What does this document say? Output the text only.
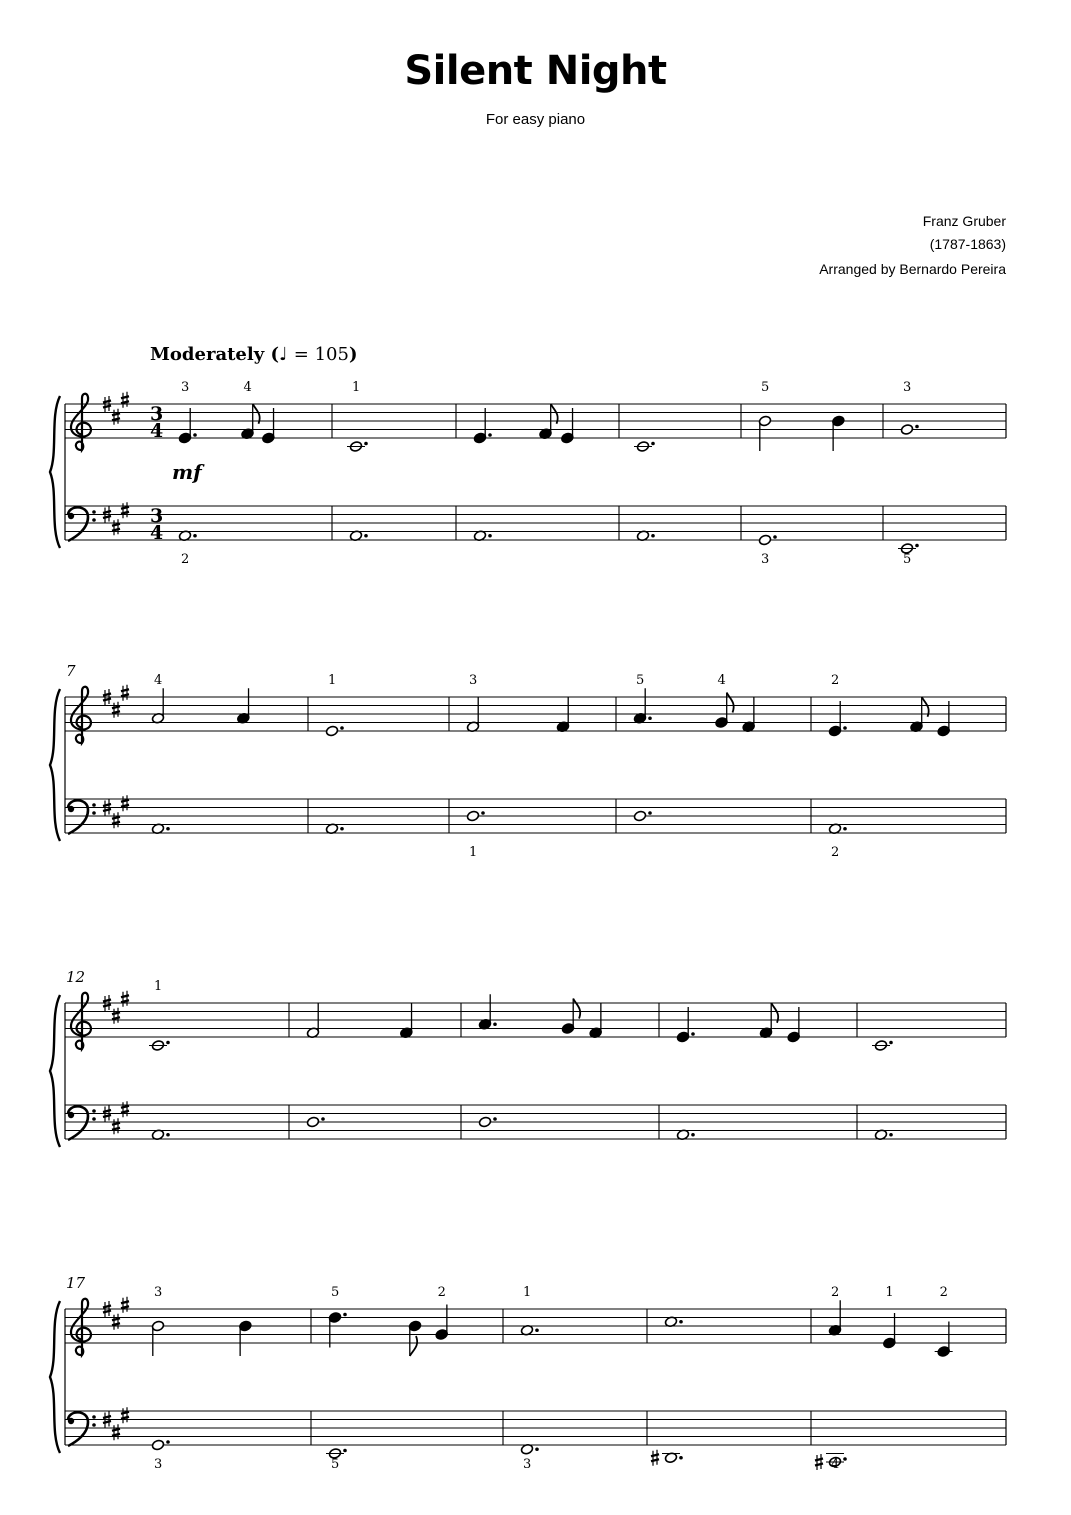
Silent Night
For easy piano
Franz Gruber
(1787-1863)
Arranged by Bernardo Pereira
Moderately (♩ = 105)
3
4
3
4
3	4
2
1	5
3
3
5
mf
7
4	1	3
1
5	4	2
2
12
1
17
3
3
5	2
5
1
3
2	1	2
4
